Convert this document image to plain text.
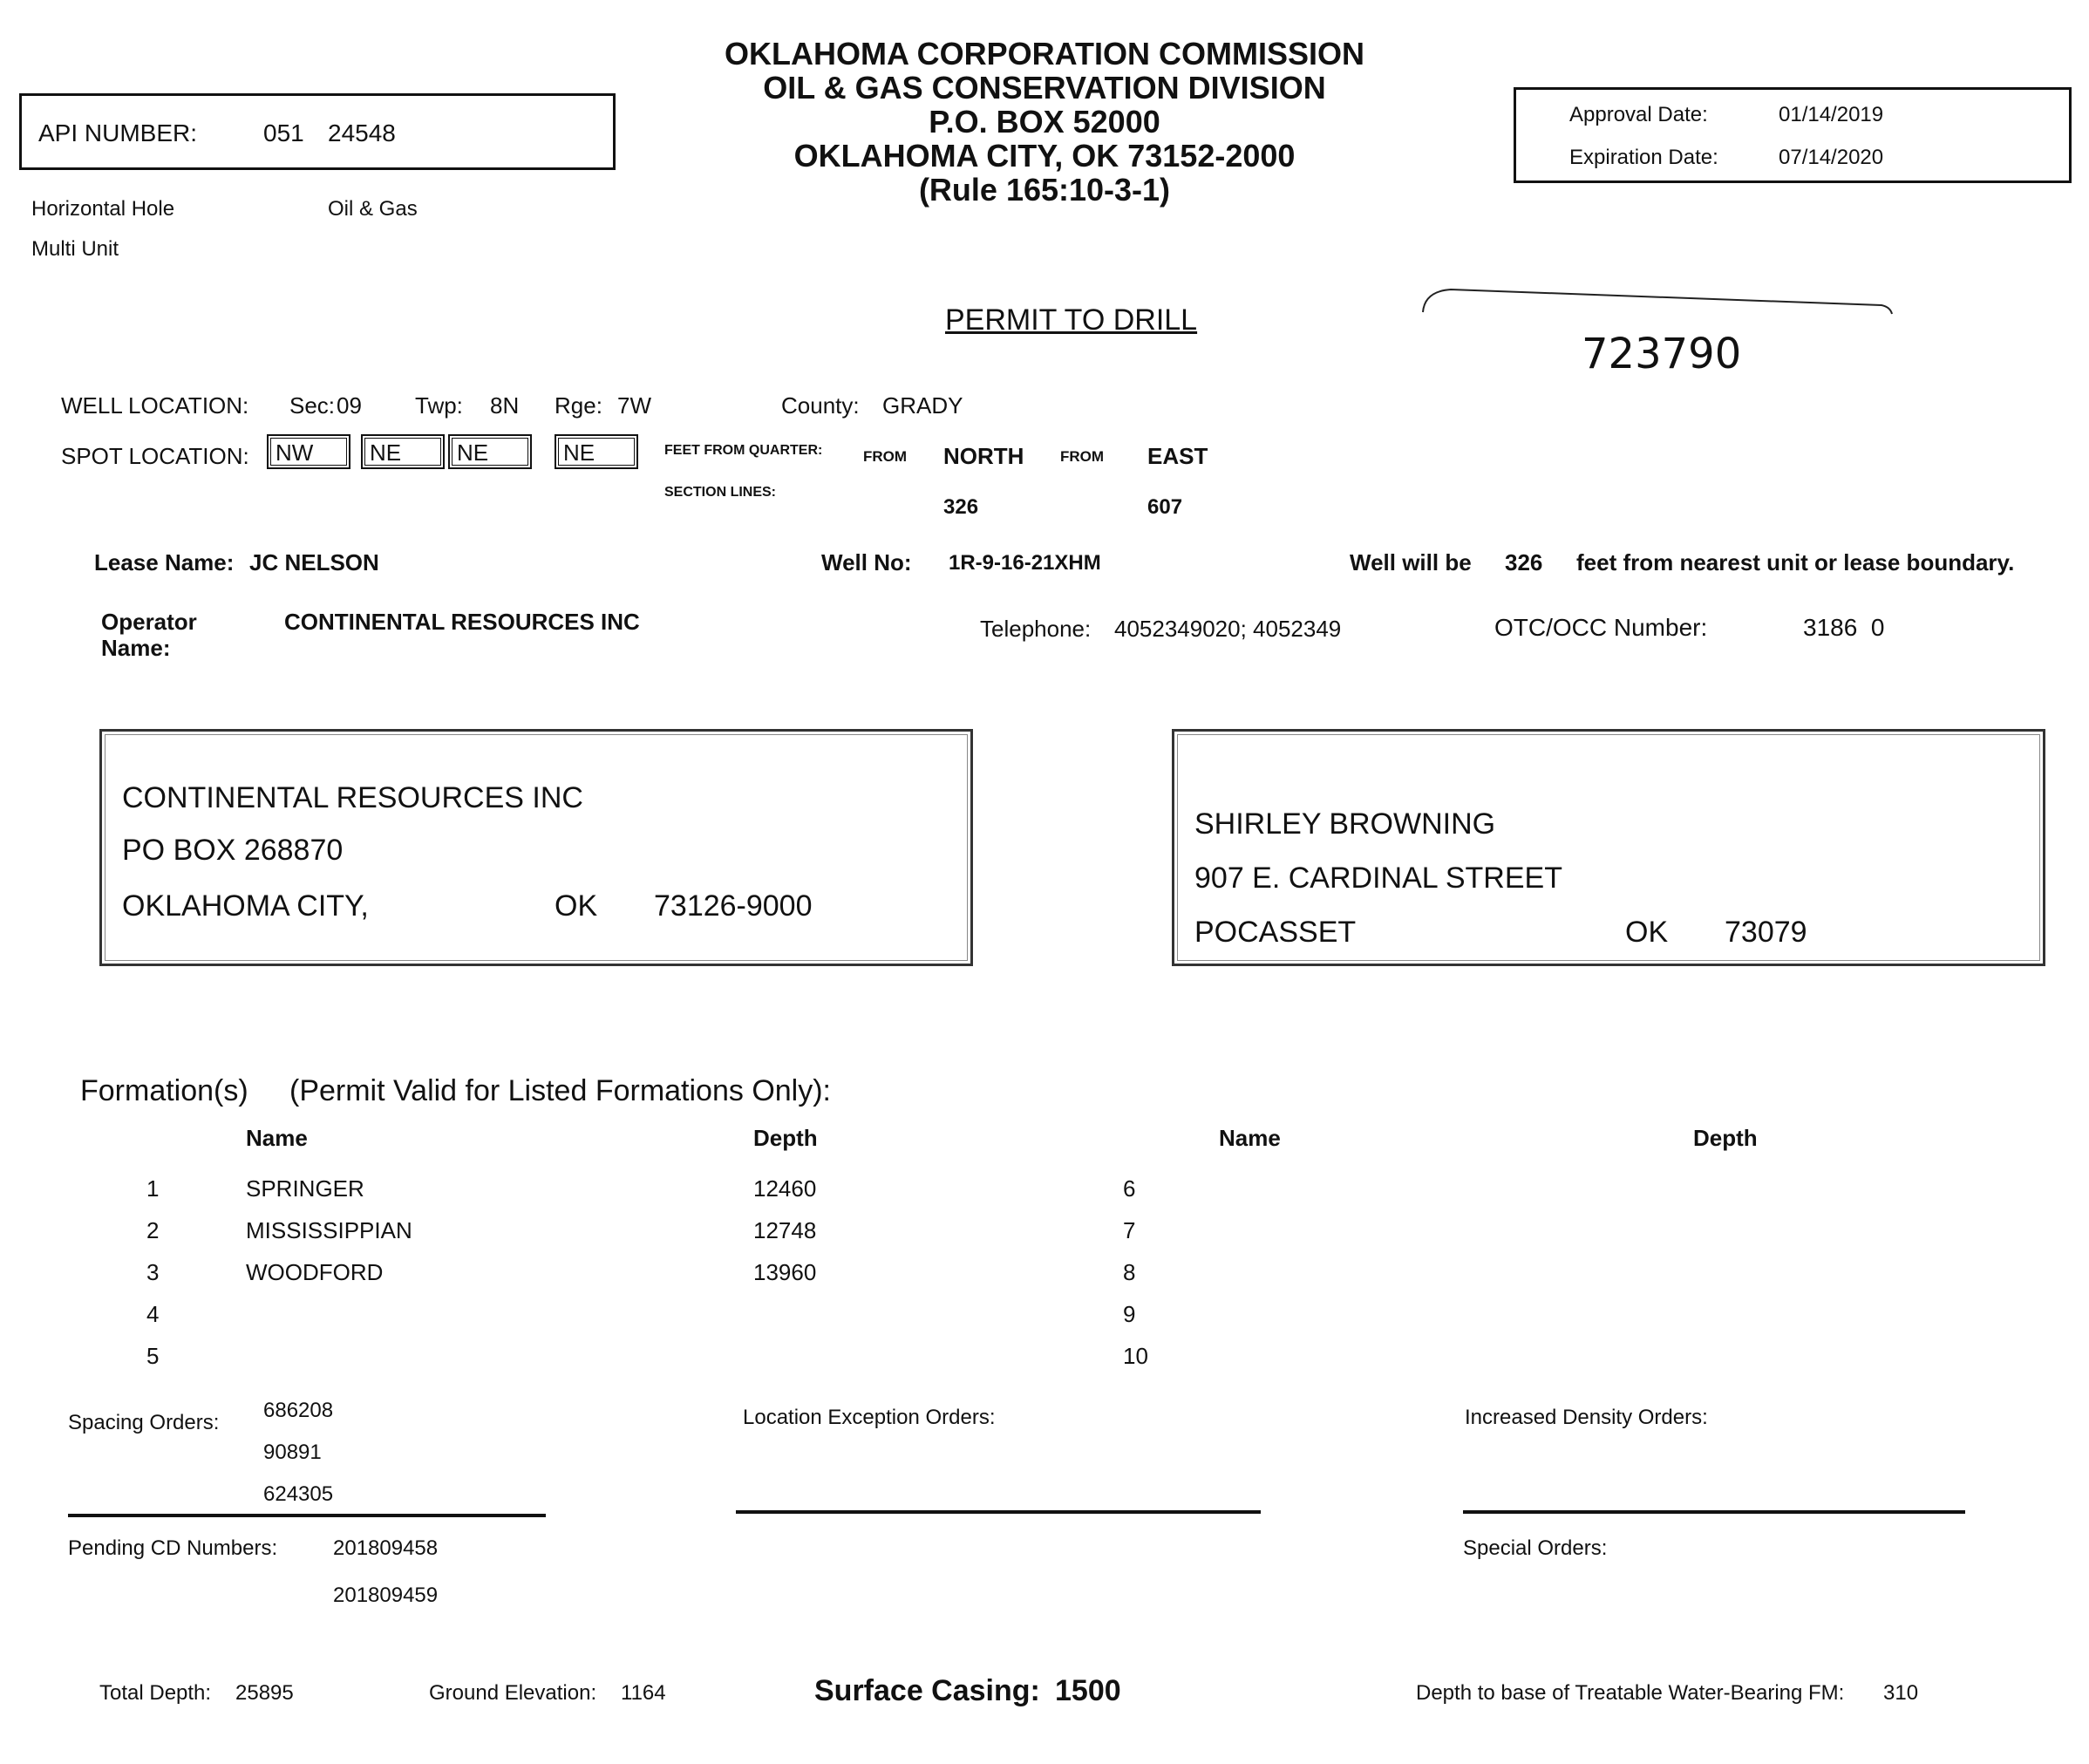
OKLAHOMA CORPORATION COMMISSION
OIL & GAS CONSERVATION DIVISION
P.O. BOX 52000
OKLAHOMA CITY, OK 73152-2000
(Rule 165:10-3-1)
API NUMBER:	051 24548
Approval Date:	01/14/2019
Expiration Date:	07/14/2020
Horizontal Hole	Oil & Gas
Multi Unit
PERMIT TO DRILL
723790
WELL LOCATION: Sec: 09 Twp: 8N Rge: 7W	County: GRADY
SPOT LOCATION:	NW	NE	NE	NE	FEET FROM QUARTER:
SECTION LINES:
FROM NORTH FROM EAST
326	607
Lease Name: JC NELSON	Well No: 1R-9-16-21XHM	Well will be 326 feet from nearest unit or lease boundary.
Operator
Name:
CONTINENTAL RESOURCES INC	Telephone: 4052349020; 4052349	OTC/OCC Number:	3186  0
CONTINENTAL RESOURCES INC
PO BOX 268870
OKLAHOMA CITY,	OK 73126-9000
SHIRLEY BROWNING
907 E. CARDINAL STREET
POCASSET	OK 73079
Formation(s) (Permit Valid for Listed Formations Only):
Name	Depth	Name	Depth
1	SPRINGER	12460
2	MISSISSIPPIAN	12748
3	WOODFORD	13960
4
5
6
7
8
9
10
Spacing Orders:
686208
90891
624305
Location Exception Orders:	Increased Density Orders:
Pending CD Numbers:	201809458
201809459
Special Orders:
Total Depth: 25895	Ground Elevation: 1164	Surface Casing: 1500	Depth to base of Treatable Water-Bearing FM: 310
